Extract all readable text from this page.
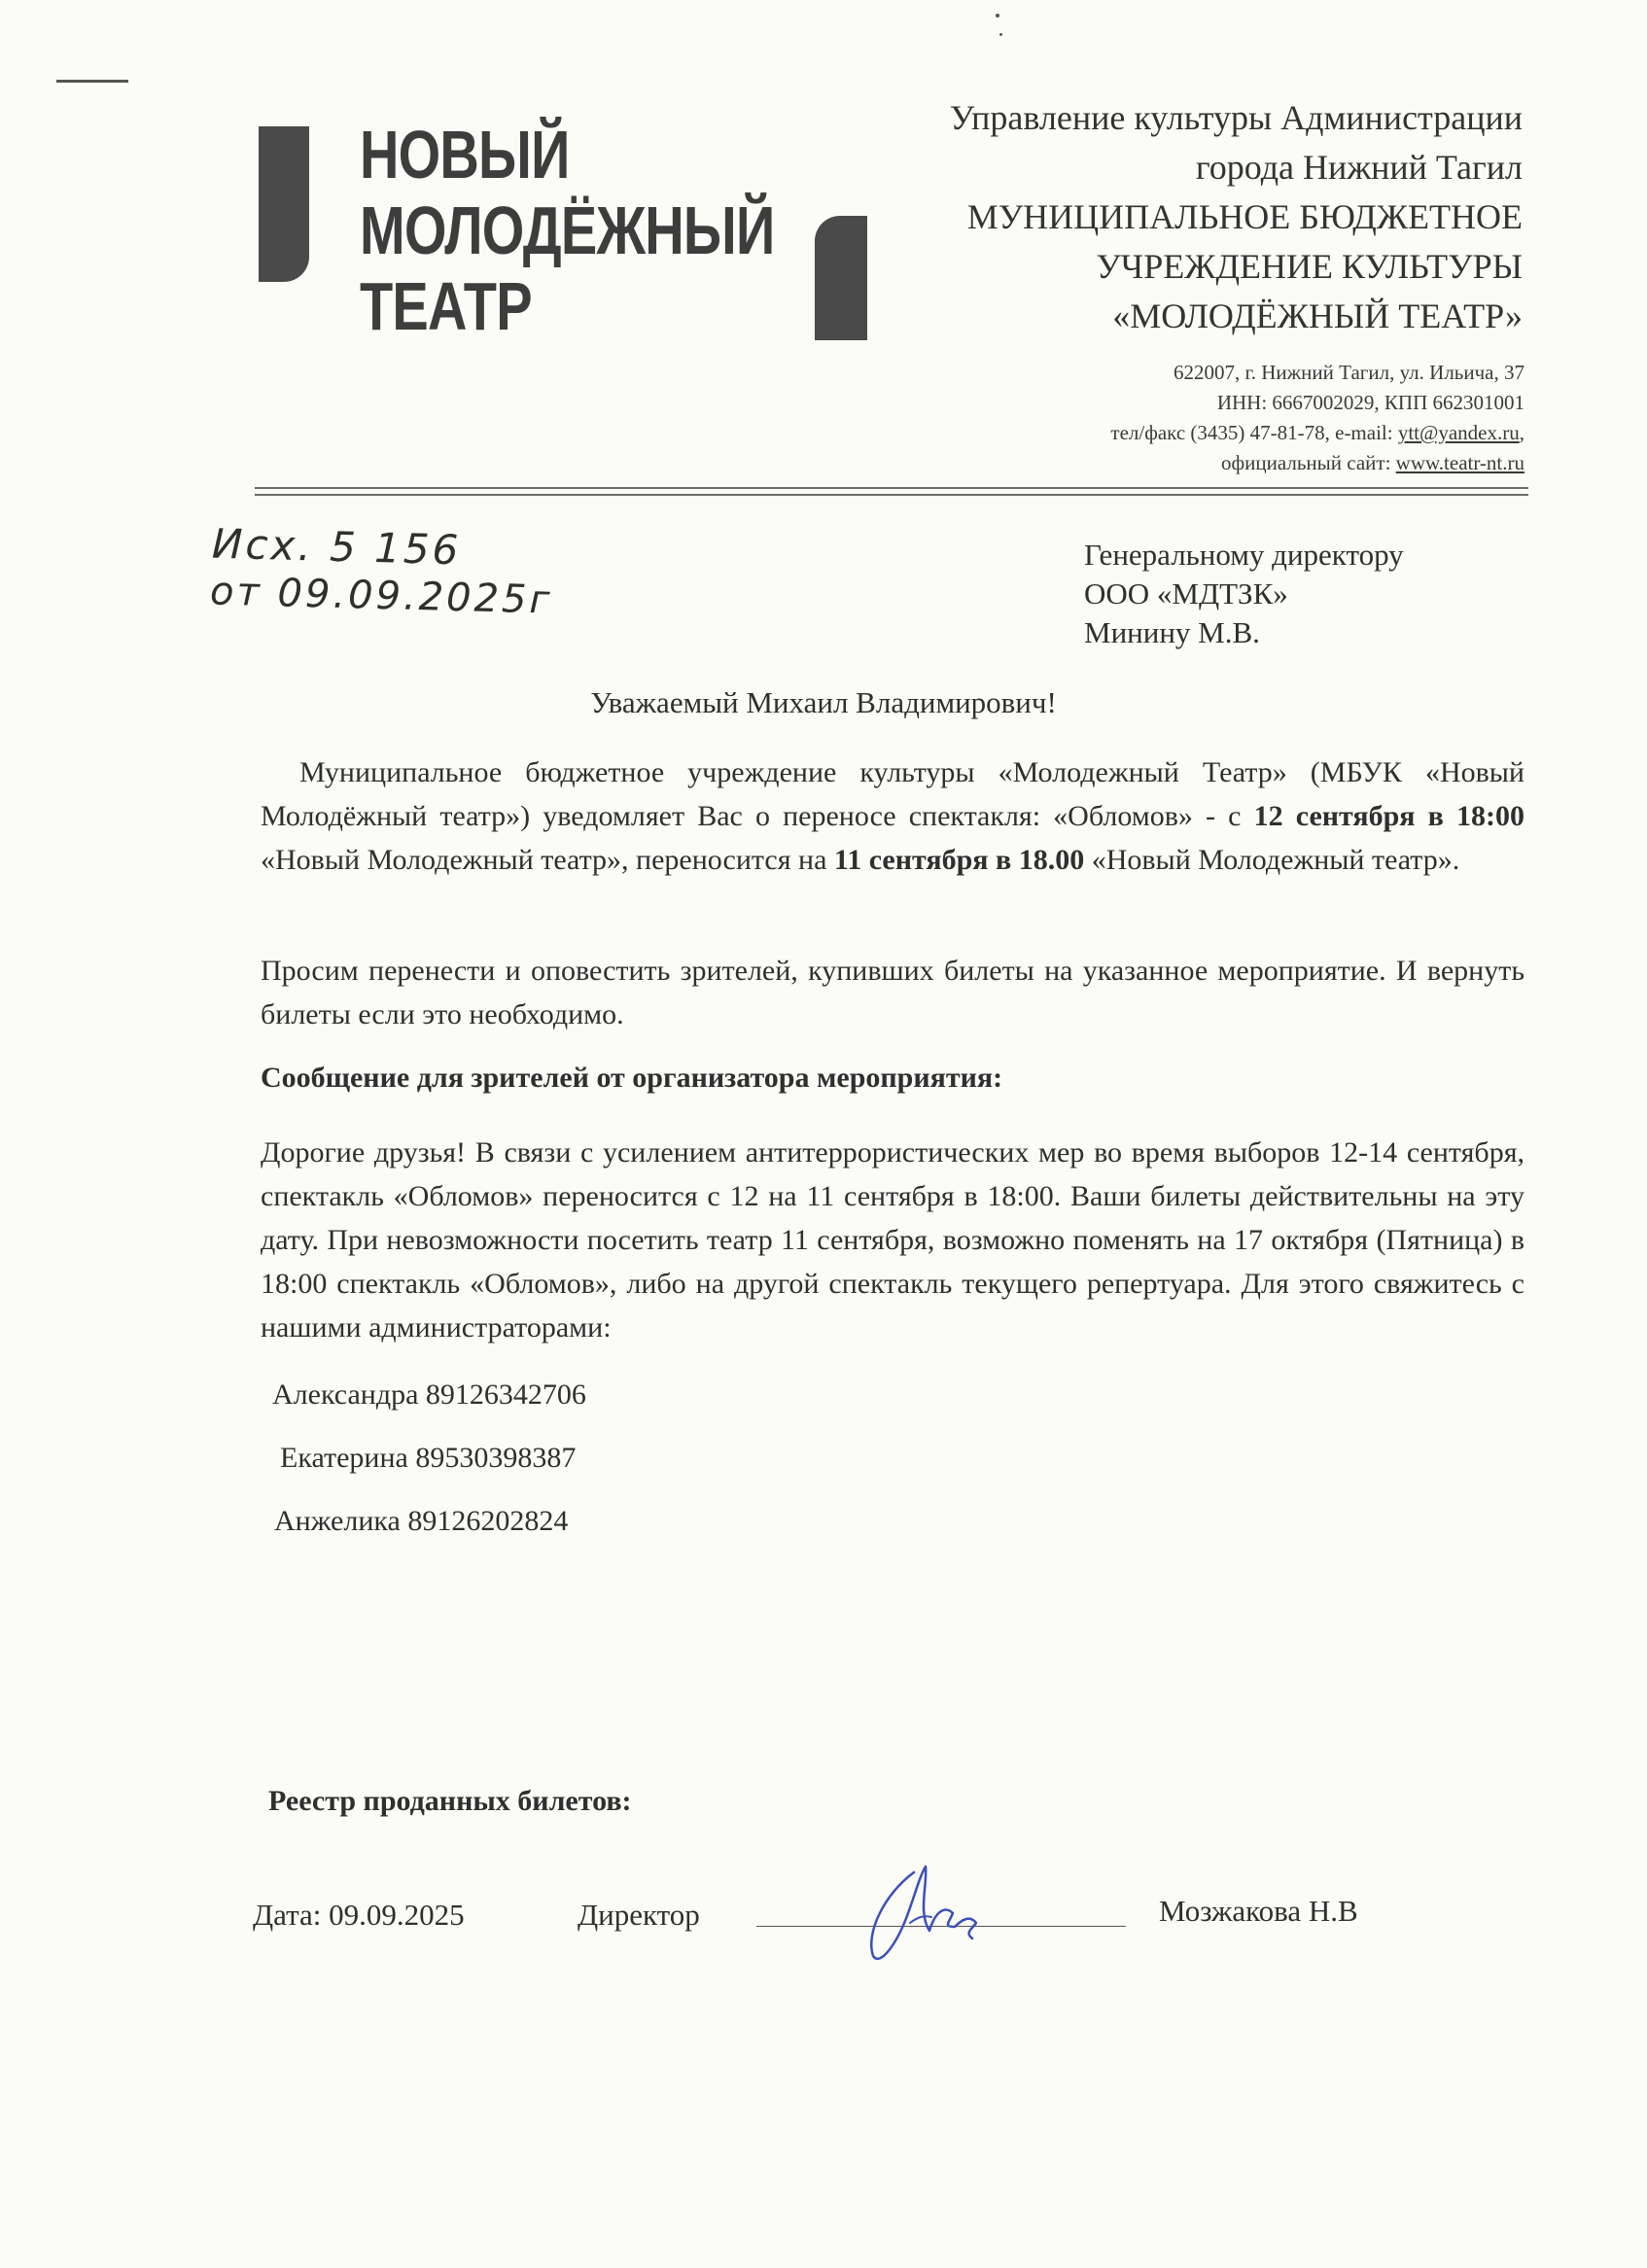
НОВЫЙ
МОЛОДЁЖНЫЙ
ТЕАТР
Управление культуры Администрации
города Нижний Тагил
МУНИЦИПАЛЬНОЕ БЮДЖЕТНОЕ
УЧРЕЖДЕНИЕ КУЛЬТУРЫ
«МОЛОДЁЖНЫЙ ТЕАТР»
622007, г. Нижний Тагил, ул. Ильича, 37
ИНН: 6667002029, КПП 662301001
тел/факс (3435) 47-81-78, e-mail: ytt@yandex.ru,
официальный сайт: www.teatr-nt.ru
Исх. 5 156
от 09.09.2025г
Генеральному директору
ООО «МДТЗК»
Минину М.В.
Уважаемый Михаил Владимирович!
Муниципальное бюджетное учреждение культуры «Молодежный Театр» (МБУК «Новый Молодёжный театр») уведомляет Вас о переносе спектакля: «Обломов» - с 12 сентября в 18:00 «Новый Молодежный театр», переносится на 11 сентября в 18.00 «Новый Молодежный театр».
Просим перенести и оповестить зрителей, купивших билеты на указанное мероприятие. И вернуть билеты если это необходимо.
Сообщение для зрителей от организатора мероприятия:
Дорогие друзья! В связи с усилением антитеррористических мер во время выборов 12-14 сентября, спектакль «Обломов» переносится с 12 на 11 сентября в 18:00. Ваши билеты действительны на эту дату. При невозможности посетить театр 11 сентября, возможно поменять на 17 октября (Пятница) в 18:00 спектакль «Обломов», либо на другой спектакль текущего репертуара. Для этого свяжитесь с нашими администраторами:
Александра 89126342706
Екатерина 89530398387
Анжелика 89126202824
Реестр проданных билетов:
Дата: 09.09.2025	Директор	Мозжакова Н.В
